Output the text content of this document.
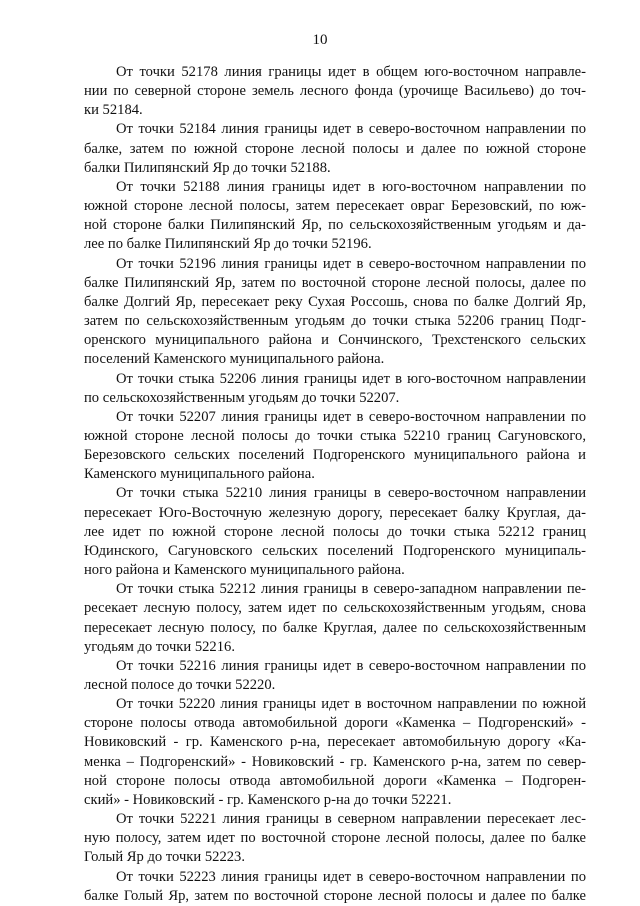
10

От точки 52178 линия границы идет в общем юго-восточном направле-
нии по северной стороне земель лесного фонда (урочище Васильево) до точ-
ки 52184.

От точки 52184 линия границы идет в северо-восточном направлении по
балке, затем по южной стороне лесной полосы и далее по южной стороне
балки Пилипянский Яр до точки 52188.

От точки 52188 линия границы идет в юго-восточном направлении по
южной стороне лесной полосы, затем пересекает овраг Березовский, по юж-
ной стороне балки Пилипянский Яр, по сельскохозяйственным угодьям и да-
лее по балке Пилипянский Яр до точки 52196.

От точки 52196 линия границы идет в северо-восточном направлении по
балке Пилипянский Яр, затем по восточной стороне лесной полосы, далее по
балке Долгий Яр, пересекает реку Сухая Россошь, снова по балке Долгий Яр,
затем по сельскохозяйственным угодьям до точки стыка 52206 границ Подг-
оренского муниципального района и Сончинского, Трехстенского сельских
поселений Каменского муниципального района.

От точки стыка 52206 линия границы идет в юго-восточном направлении
по сельскохозяйственным угодьям до точки 52207.

От точки 52207 линия границы идет в северо-восточном направлении по
южной стороне лесной полосы до точки стыка 52210 границ Сагуновского,
Березовского сельских поселений Подгоренского муниципального района и
Каменского муниципального района.

От точки стыка 52210 линия границы в северо-восточном направлении
пересекает Юго-Восточную железную дорогу, пересекает балку Круглая, да-
лее идет по южной стороне лесной полосы до точки стыка 52212 границ
Юдинского, Сагуновского сельских поселений Подгоренского муниципаль-
ного района и Каменского муниципального района.

От точки стыка 52212 линия границы в северо-западном направлении пе-
ресекает лесную полосу, затем идет по сельскохозяйственным угодьям, снова
пересекает лесную полосу, по балке Круглая, далее по сельскохозяйственным
угодьям до точки 52216.

От точки 52216 линия границы идет в северо-восточном направлении по
лесной полосе до точки 52220.

От точки 52220 линия границы идет в восточном направлении по южной
стороне полосы отвода автомобильной дороги «Каменка – Подгоренский» -
Новиковский - гр. Каменского р-на, пересекает автомобильную дорогу «Ка-
менка – Подгоренский» - Новиковский - гр. Каменского р-на, затем по север-
ной стороне полосы отвода автомобильной дороги «Каменка – Подгорен-
ский» - Новиковский - гр. Каменского р-на до точки 52221.

От точки 52221 линия границы в северном направлении пересекает лес-
ную полосу, затем идет по восточной стороне лесной полосы, далее по балке
Голый Яр до точки 52223.

От точки 52223 линия границы идет в северо-восточном направлении по
балке Голый Яр, затем по восточной стороне лесной полосы и далее по балке
